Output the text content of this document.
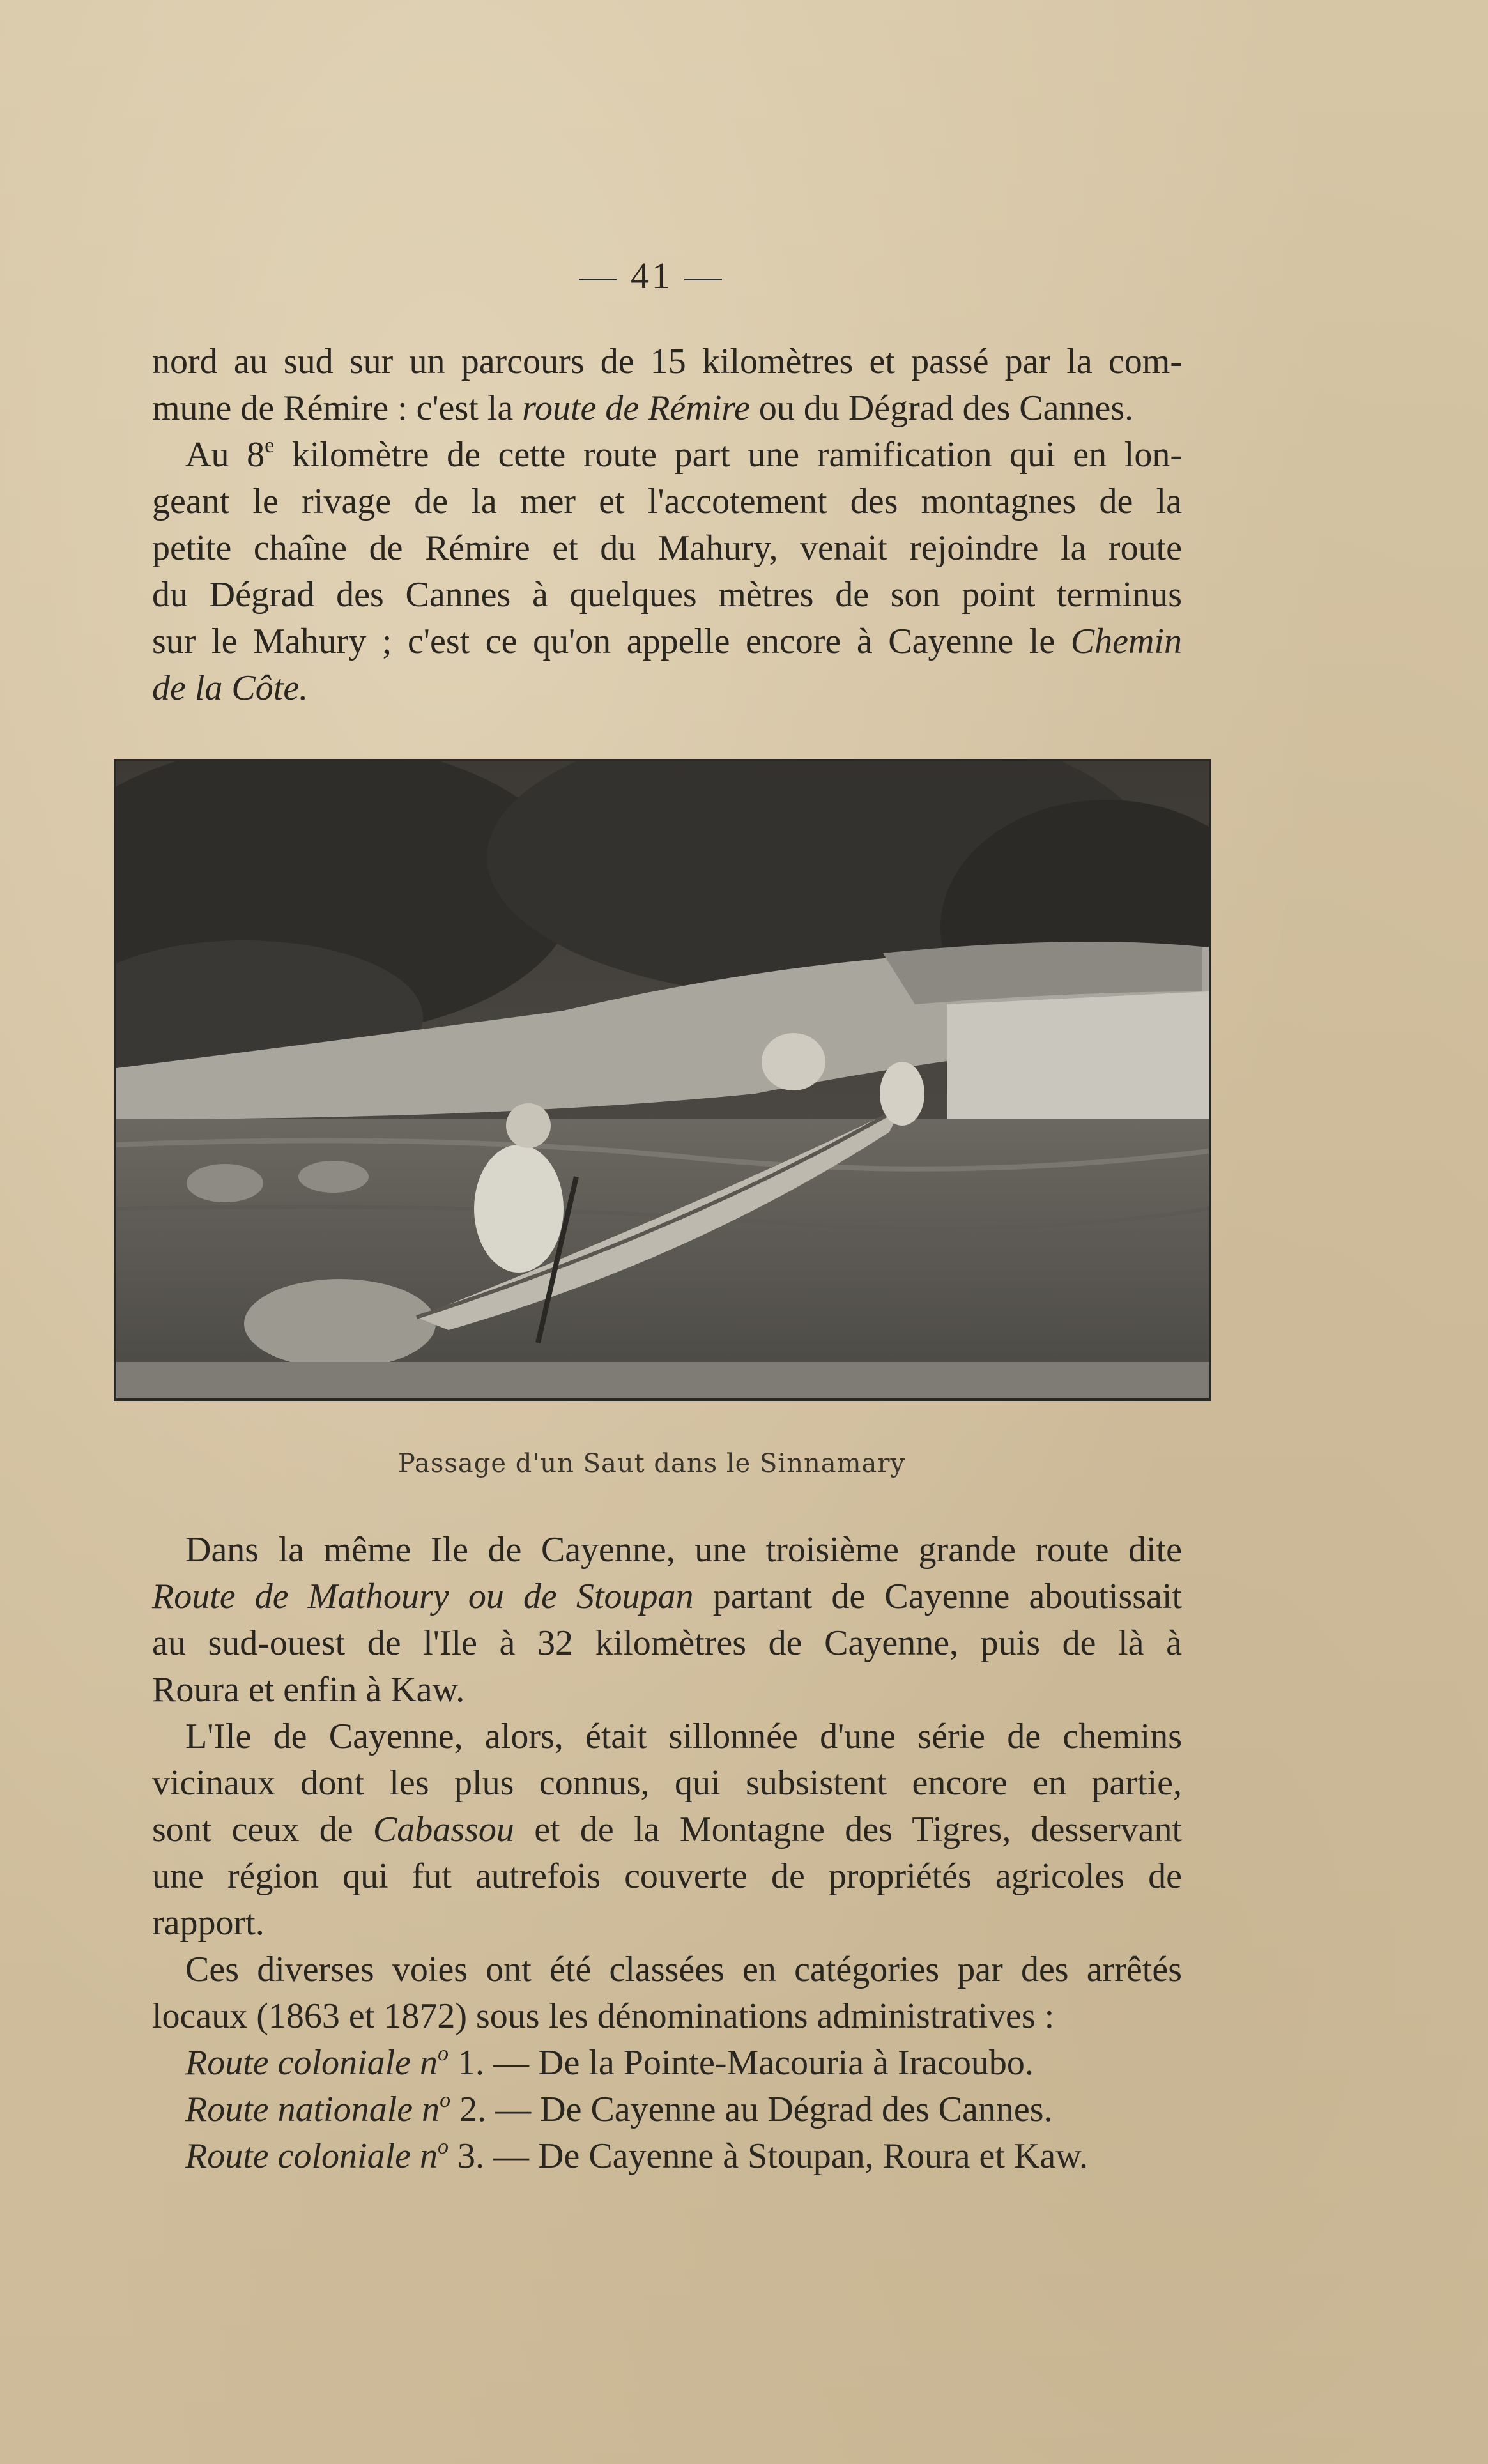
— 41 —

nord au sud sur un parcours de 15 kilomètres et passé par la com-
mune de Rémire : c'est la route de Rémire ou du Dégrad des Cannes.

Au 8e kilomètre de cette route part une ramification qui en lon-
geant le rivage de la mer et l'accotement des montagnes de la
petite chaîne de Rémire et du Mahury, venait rejoindre la route
du Dégrad des Cannes à quelques mètres de son point terminus
sur le Mahury ; c'est ce qu'on appelle encore à Cayenne le Chemin
de la Côte.

Passage d'un Saut dans le Sinnamary

Dans la même Ile de Cayenne, une troisième grande route dite
Route de Mathoury ou de Stoupan partant de Cayenne aboutissait
au sud-ouest de l'Ile à 32 kilomètres de Cayenne, puis de là à
Roura et enfin à Kaw.

L'Ile de Cayenne, alors, était sillonnée d'une série de chemins
vicinaux dont les plus connus, qui subsistent encore en partie,
sont ceux de Cabassou et de la Montagne des Tigres, desservant
une région qui fut autrefois couverte de propriétés agricoles de
rapport.

Ces diverses voies ont été classées en catégories par des arrêtés
locaux (1863 et 1872) sous les dénominations administratives :

Route coloniale $n^o$ 1. — De la Pointe-Macouria à Iracoubo.
Route nationale $n^o$ 2. — De Cayenne au Dégrad des Cannes.
Route coloniale $n^o$ 3. — De Cayenne à Stoupan, Roura et Kaw.
